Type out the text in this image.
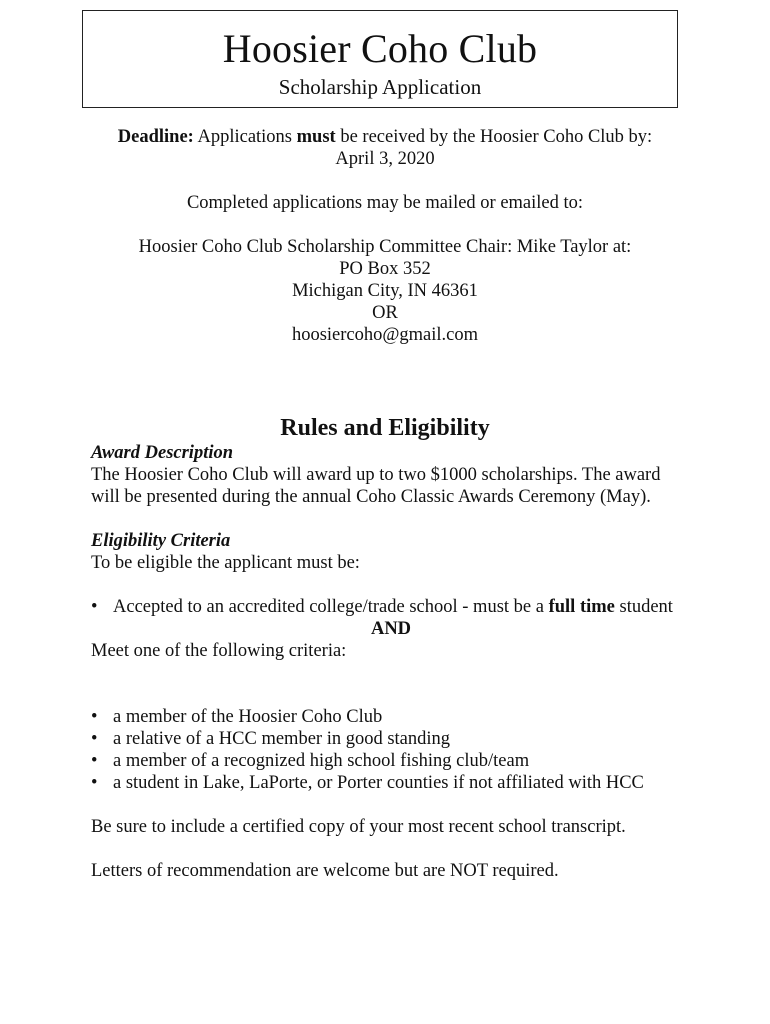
Hoosier Coho Club
Scholarship Application
Deadline: Applications must be received by the Hoosier Coho Club by:
April 3, 2020
Completed applications may be mailed or emailed to:
Hoosier Coho Club Scholarship Committee Chair: Mike Taylor at:
PO Box 352
Michigan City, IN 46361
OR
hoosiercoho@gmail.com
Rules and Eligibility
Award Description
The Hoosier Coho Club will award up to two $1000 scholarships. The award will be presented during the annual Coho Classic Awards Ceremony (May).
Eligibility Criteria
To be eligible the applicant must be:
• Accepted to an accredited college/trade school - must be a full time student
AND
Meet one of the following criteria:
• a member of the Hoosier Coho Club
• a relative of a HCC member in good standing
• a member of a recognized high school fishing club/team
• a student in Lake, LaPorte, or Porter counties if not affiliated with HCC
Be sure to include a certified copy of your most recent school transcript.
Letters of recommendation are welcome but are NOT required.
